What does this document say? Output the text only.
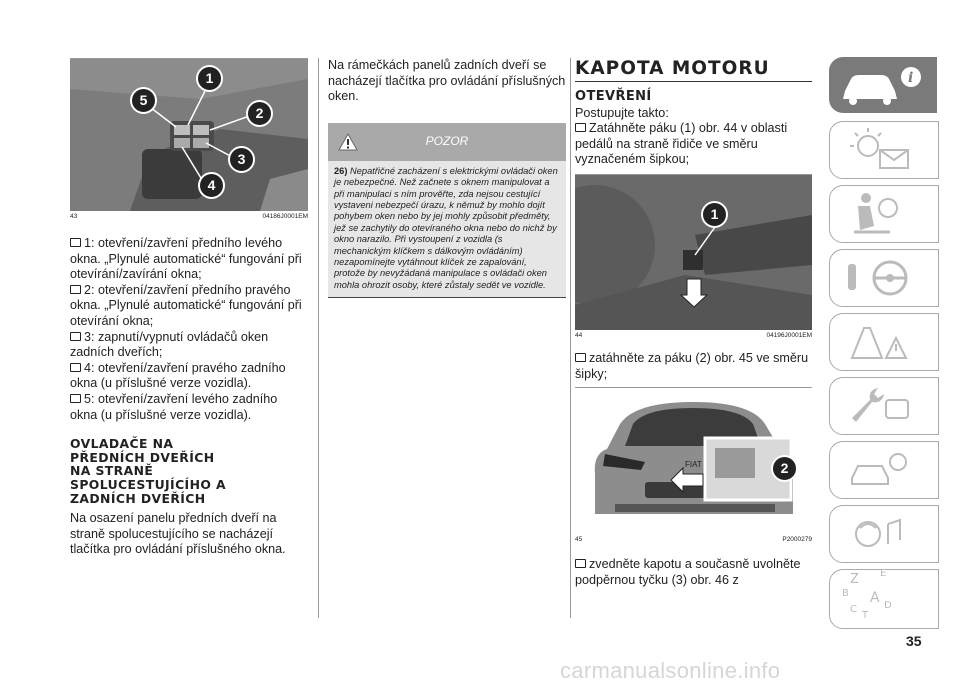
1
2
3
4
5
43	04186J0001EM

1: otevření/zavření předního levého okna. „Plynulé automatické“ fungování při otevírání/zavírání okna;

2: otevření/zavření předního pravého okna. „Plynulé automatické“ fungování při otevírání okna;

3: zapnutí/vypnutí ovládačů oken zadních dveřích;

4: otevření/zavření pravého zadního okna (u příslušné verze vozidla).

5: otevření/zavření levého zadního okna (u příslušné verze vozidla).

OVLADAČE NA
PŘEDNÍCH DVEŘÍCH
NA STRANĚ
SPOLUCESTUJÍCÍHO A
ZADNÍCH DVEŘÍCH

Na osazení panelu předních dveří na straně spolucestujícího se nacházejí tlačítka pro ovládání příslušného okna.

Na rámečkách panelů zadních dveří se nacházejí tlačítka pro ovládání příslušných oken.

POZOR
26) Nepatřičné zacházení s elektrickými ovládači oken je nebezpečné. Než začnete s oknem manipulovat a při manipulaci s ním prověřte, zda nejsou cestující vystaveni nebezpečí úrazu, k němuž by mohlo dojít pohybem oken nebo by jej mohly způsobit předměty, jež se zachytily do otevíraného okna nebo do nichž by okno narazilo. Při vystoupení z vozidla (s mechanickým klíčkem s dálkovým ovládáním) nezapomínejte vytáhnout klíček ze zapalování, protože by nevyžádaná manipulace s ovládači oken mohla ohrozit osoby, které zůstaly sedět ve vozidle.
KAPOTA MOTORU
OTEVŘENÍ

Postupujte takto:

Zatáhněte páku (1) obr. 44 v oblasti pedálů na straně řidiče ve směru vyznačeném šipkou;

1
44	04196J0001EM

zatáhněte za páku (2) obr. 45 ve směru šipky;

FIAT	2
45	P2000279

zvedněte kapotu a současně uvolněte podpěrnou tyčku (3) obr. 46 z

i
Z E
B A
C
T
D
35
carmanualsonline.info
